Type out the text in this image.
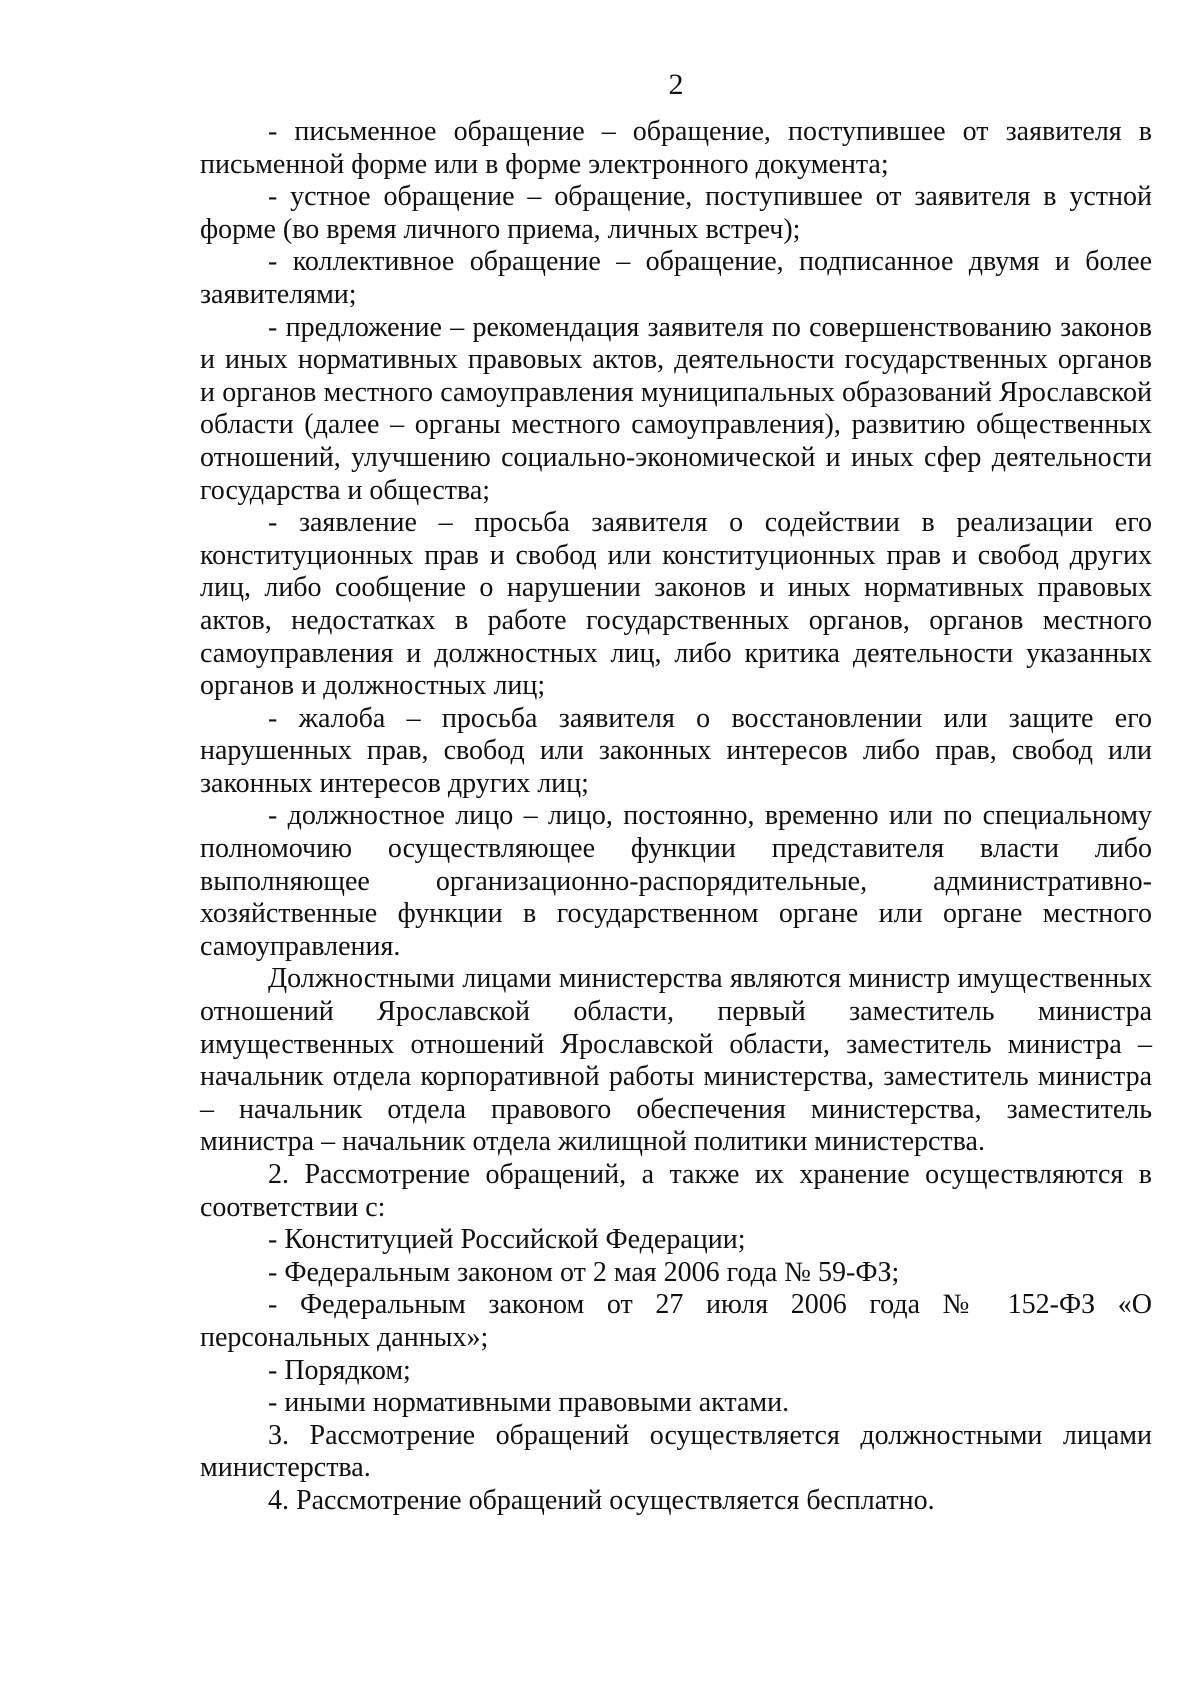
2

- письменное обращение – обращение, поступившее от заявителя в письменной форме или в форме электронного документа;

- устное обращение – обращение, поступившее от заявителя в устной форме (во время личного приема, личных встреч);

- коллективное обращение – обращение, подписанное двумя и более заявителями;

- предложение – рекомендация заявителя по совершенствованию законов и иных нормативных правовых актов, деятельности государственных органов и органов местного самоуправления муниципальных образований Ярославской области (далее – органы местного самоуправления), развитию общественных отношений, улучшению социально-экономической и иных сфер деятельности государства и общества;

- заявление – просьба заявителя о содействии в реализации его конституционных прав и свобод или конституционных прав и свобод других лиц, либо сообщение о нарушении законов и иных нормативных правовых актов, недостатках в работе государственных органов, органов местного самоуправления и должностных лиц, либо критика деятельности указанных органов и должностных лиц;

- жалоба – просьба заявителя о восстановлении или защите его нарушенных прав, свобод или законных интересов либо прав, свобод или законных интересов других лиц;

- должностное лицо – лицо, постоянно, временно или по специальному полномочию осуществляющее функции представителя власти либо выполняющее организационно-распорядительные, административно-хозяйственные функции в государственном органе или органе местного самоуправления.

Должностными лицами министерства являются министр имущественных отношений Ярославской области, первый заместитель министра имущественных отношений Ярославской области, заместитель министра – начальник отдела корпоративной работы министерства, заместитель министра – начальник отдела правового обеспечения министерства, заместитель министра – начальник отдела жилищной политики министерства.

2. Рассмотрение обращений, а также их хранение осуществляются в соответствии с:

- Конституцией Российской Федерации;

- Федеральным законом от 2 мая 2006 года № 59-ФЗ;

- Федеральным законом от 27 июля 2006 года № 152-ФЗ «О персональных данных»;

- Порядком;

- иными нормативными правовыми актами.

3. Рассмотрение обращений осуществляется должностными лицами министерства.

4. Рассмотрение обращений осуществляется бесплатно.
